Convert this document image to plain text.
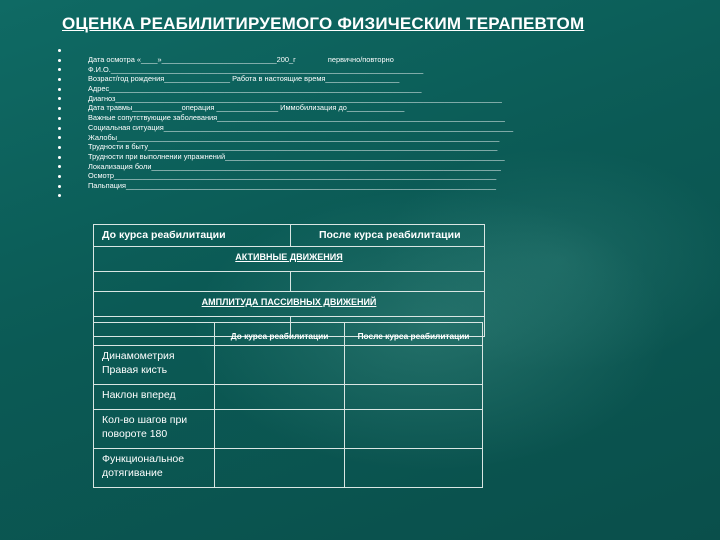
ОЦЕНКА РЕАБИЛИТИРУЕМОГО ФИЗИЧЕСКИМ ТЕРАПЕВТОМ
Дата осмотра «____»____________________________200_г	первично/повторно
Ф.И.О.____________________________________________________________________________
Возраст/год рождения________________ Работа в настоящие время__________________
Адрес____________________________________________________________________________
Диагноз______________________________________________________________________________________________
Дата травмы____________операция _______________ Иммобилизация до______________
Важные сопутствующие заболевания______________________________________________________________________
Социальная ситуация_____________________________________________________________________________________
Жалобы_____________________________________________________________________________________________
Трудности в быту_____________________________________________________________________________________
Трудности при выполнении упражнений____________________________________________________________________
Локализация боли_____________________________________________________________________________________
Осмотр_____________________________________________________________________________________________
Пальпация__________________________________________________________________________________________
До курса реабилитации	После курса реабилитации
АКТИВНЫЕ ДВИЖЕНИЯ	

АМПЛИТУДА ПАССИВНЫХ ДВИЖЕНИЙ	

	До курса реабилитации	После курса реабилитации
Динамометрия Правая кисть		
Наклон вперед		
Кол-во шагов при повороте 180		
Функциональное дотягивание		
